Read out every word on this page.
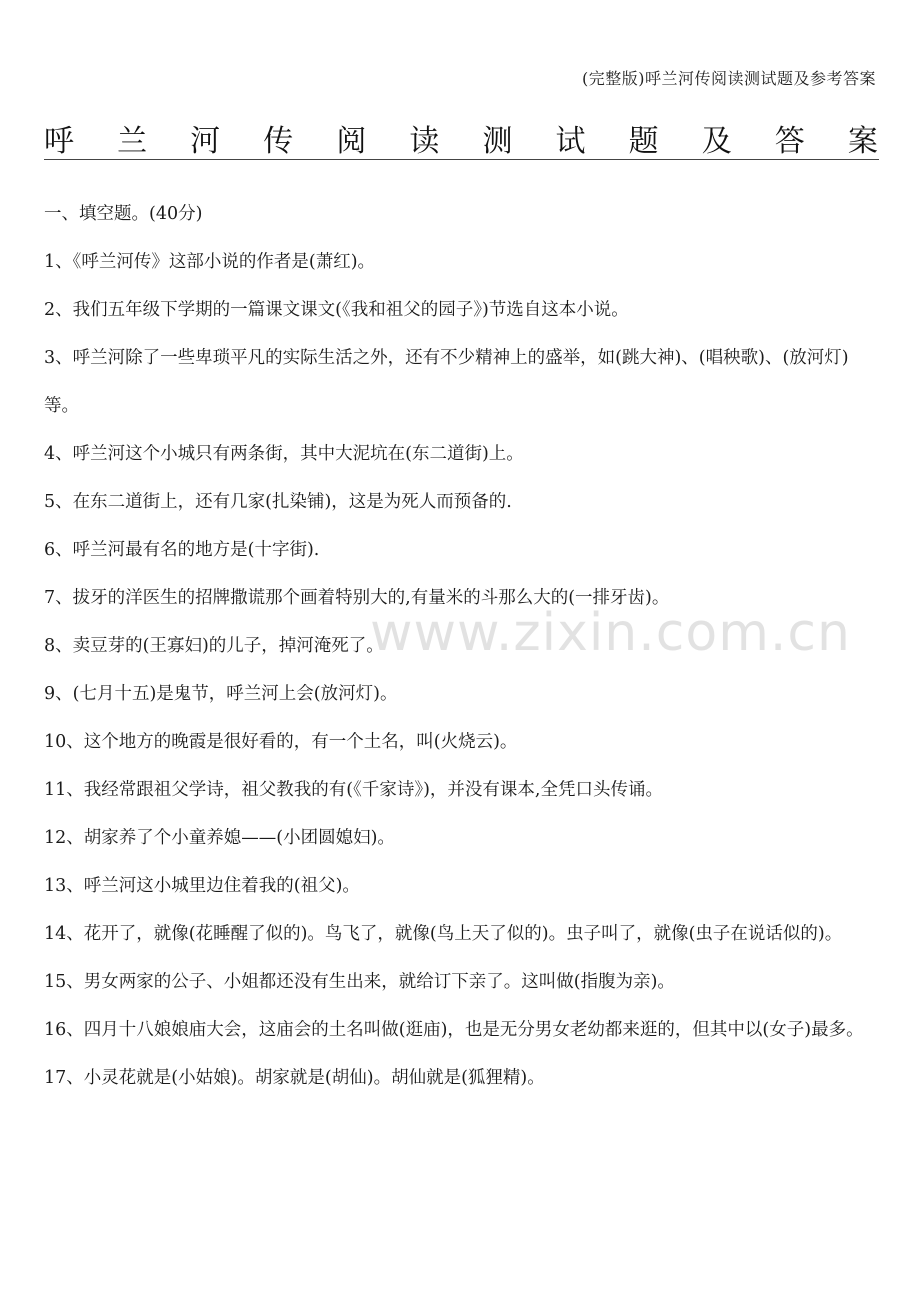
(完整版)呼兰河传阅读测试题及参考答案
呼 兰 河 传 阅 读 测 试 题 及 答 案

一、填空题。(40分)

1、《呼兰河传》这部小说的作者是(萧红)。

2、我们五年级下学期的一篇课文课文(《我和祖父的园子》)节选自这本小说。

3、呼兰河除了一些卑琐平凡的实际生活之外，还有不少精神上的盛举，如(跳大神)、(唱秧歌)、(放河灯)等。

4、呼兰河这个小城只有两条街，其中大泥坑在(东二道街)上。

5、在东二道街上，还有几家(扎染铺)，这是为死人而预备的.

6、呼兰河最有名的地方是(十字街).

7、拔牙的洋医生的招牌撒谎那个画着特别大的,有量米的斗那么大的(一排牙齿)。

8、卖豆芽的(王寡妇)的儿子，掉河淹死了。

9、(七月十五)是鬼节，呼兰河上会(放河灯)。

10、这个地方的晚霞是很好看的，有一个土名，叫(火烧云)。

11、我经常跟祖父学诗，祖父教我的有(《千家诗》)，并没有课本,全凭口头传诵。

12、胡家养了个小童养媳——(小团圆媳妇)。

13、呼兰河这小城里边住着我的(祖父)。

14、花开了，就像(花睡醒了似的)。鸟飞了，就像(鸟上天了似的)。虫子叫了，就像(虫子在说话似的)。

15、男女两家的公子、小姐都还没有生出来，就给订下亲了。这叫做(指腹为亲)。

16、四月十八娘娘庙大会，这庙会的土名叫做(逛庙)，也是无分男女老幼都来逛的，但其中以(女子)最多。

17、小灵花就是(小姑娘)。胡家就是(胡仙)。胡仙就是(狐狸精)。

www.zixin.com.cn
